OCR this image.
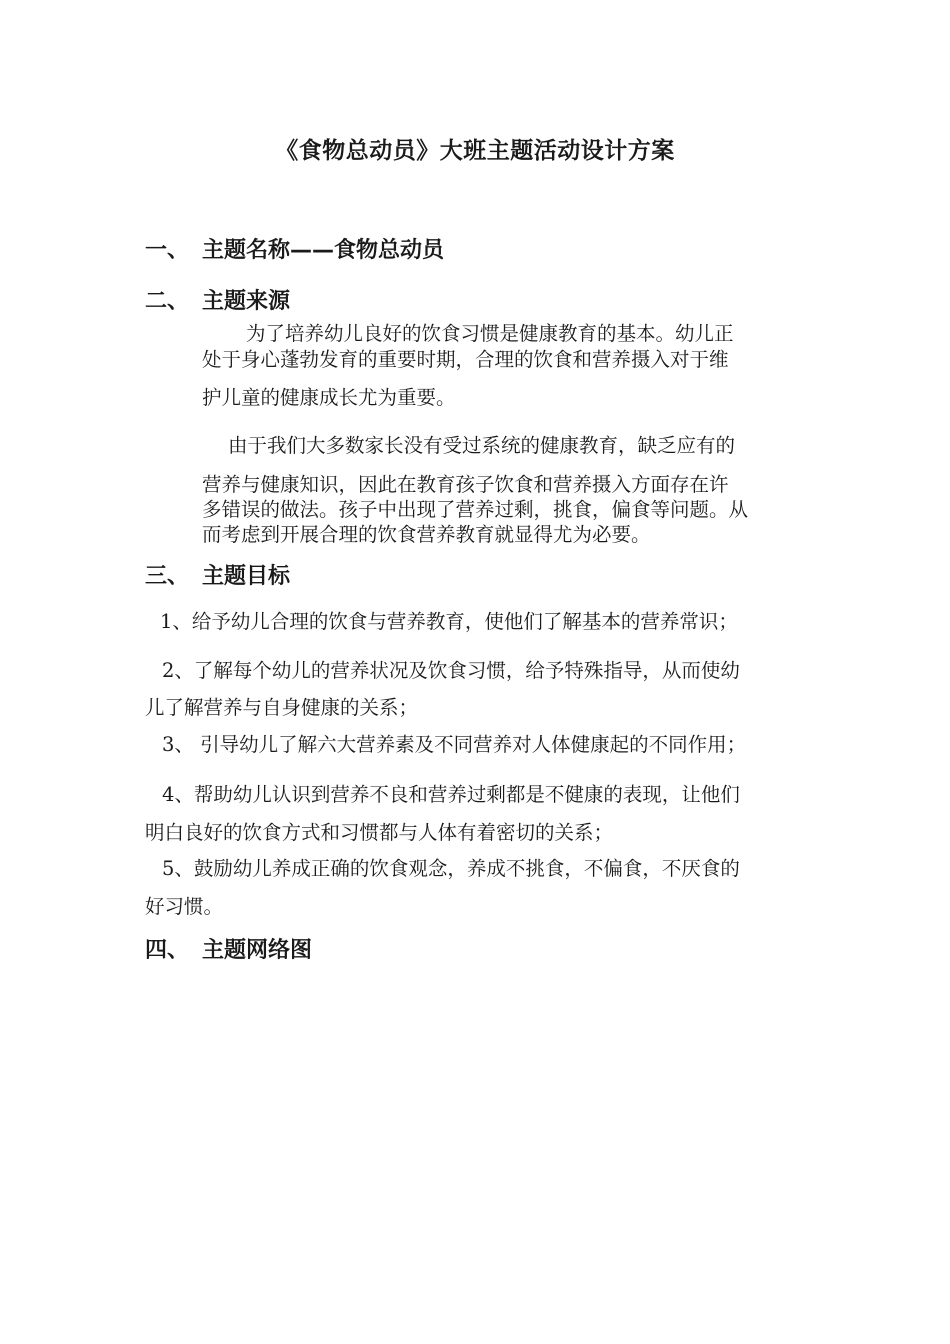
《食物总动员》大班主题活动设计方案
一、 主题名称——食物总动员
二、 主题来源
为了培养幼儿良好的饮食习惯是健康教育的基本。幼儿正
处于身心蓬勃发育的重要时期，合理的饮食和营养摄入对于维
护儿童的健康成长尤为重要。
由于我们大多数家长没有受过系统的健康教育，缺乏应有的
营养与健康知识，因此在教育孩子饮食和营养摄入方面存在许
多错误的做法。孩子中出现了营养过剩，挑食，偏食等问题。从
而考虑到开展合理的饮食营养教育就显得尤为必要。
三、 主题目标
1、给予幼儿合理的饮食与营养教育，使他们了解基本的营养常识；
2、了解每个幼儿的营养状况及饮食习惯，给予特殊指导，从而使幼
儿了解营养与自身健康的关系；
3、 引导幼儿了解六大营养素及不同营养对人体健康起的不同作用；
4、帮助幼儿认识到营养不良和营养过剩都是不健康的表现，让他们
明白良好的饮食方式和习惯都与人体有着密切的关系；
5、鼓励幼儿养成正确的饮食观念，养成不挑食，不偏食，不厌食的
好习惯。
四、 主题网络图
